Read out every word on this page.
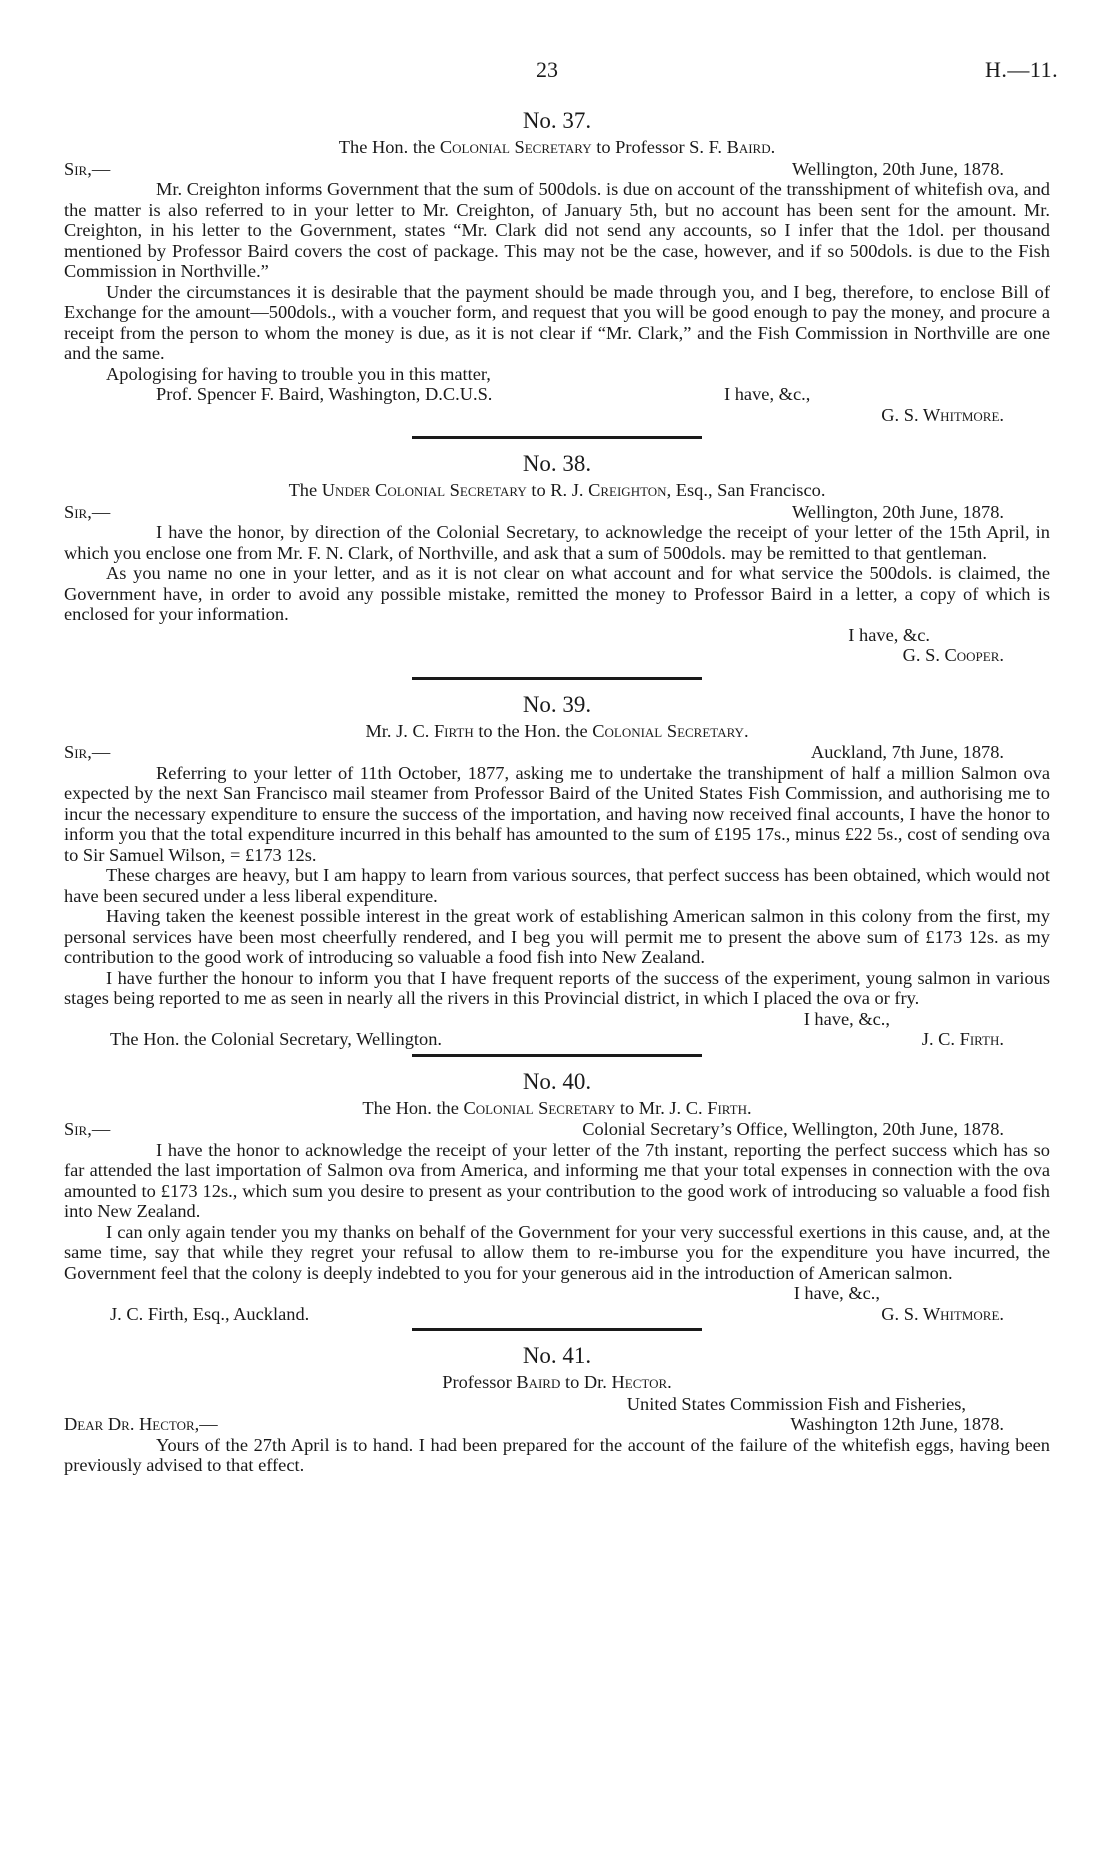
23	H.—11.
No. 37.
The Hon. the Colonial Secretary to Professor S. F. Baird.
Sir,—	Wellington, 20th June, 1878.

Mr. Creighton informs Government that the sum of 500dols. is due on account of the transshipment of whitefish ova, and the matter is also referred to in your letter to Mr. Creighton, of January 5th, but no account has been sent for the amount. Mr. Creighton, in his letter to the Government, states “Mr. Clark did not send any accounts, so I infer that the 1dol. per thousand mentioned by Professor Baird covers the cost of package. This may not be the case, however, and if so 500dols. is due to the Fish Commission in Northville.”

Under the circumstances it is desirable that the payment should be made through you, and I beg, therefore, to enclose Bill of Exchange for the amount—500dols., with a voucher form, and request that you will be good enough to pay the money, and procure a receipt from the person to whom the money is due, as it is not clear if “Mr. Clark,” and the Fish Commission in Northville are one and the same.

Apologising for having to trouble you in this matter,

Prof. Spencer F. Baird, Washington, D.C.U.S.	I have, &c.,
G. S. Whitmore.
No. 38.
The Under Colonial Secretary to R. J. Creighton, Esq., San Francisco.
Sir,—	Wellington, 20th June, 1878.

I have the honor, by direction of the Colonial Secretary, to acknowledge the receipt of your letter of the 15th April, in which you enclose one from Mr. F. N. Clark, of Northville, and ask that a sum of 500dols. may be remitted to that gentleman.

As you name no one in your letter, and as it is not clear on what account and for what service the 500dols. is claimed, the Government have, in order to avoid any possible mistake, remitted the money to Professor Baird in a letter, a copy of which is enclosed for your information.

I have, &c.
G. S. Cooper.
No. 39.
Mr. J. C. Firth to the Hon. the Colonial Secretary.
Sir,—	Auckland, 7th June, 1878.

Referring to your letter of 11th October, 1877, asking me to undertake the transhipment of half a million Salmon ova expected by the next San Francisco mail steamer from Professor Baird of the United States Fish Commission, and authorising me to incur the necessary expenditure to ensure the success of the importation, and having now received final accounts, I have the honor to inform you that the total expenditure incurred in this behalf has amounted to the sum of £195 17s., minus £22 5s., cost of sending ova to Sir Samuel Wilson, = £173 12s.

These charges are heavy, but I am happy to learn from various sources, that perfect success has been obtained, which would not have been secured under a less liberal expenditure.

Having taken the keenest possible interest in the great work of establishing American salmon in this colony from the first, my personal services have been most cheerfully rendered, and I beg you will permit me to present the above sum of £173 12s. as my contribution to the good work of introducing so valuable a food fish into New Zealand.

I have further the honour to inform you that I have frequent reports of the success of the experiment, young salmon in various stages being reported to me as seen in nearly all the rivers in this Provincial district, in which I placed the ova or fry.

I have, &c.,
The Hon. the Colonial Secretary, Wellington.	J. C. Firth.
No. 40.
The Hon. the Colonial Secretary to Mr. J. C. Firth.
Sir,—	Colonial Secretary’s Office, Wellington, 20th June, 1878.

I have the honor to acknowledge the receipt of your letter of the 7th instant, reporting the perfect success which has so far attended the last importation of Salmon ova from America, and informing me that your total expenses in connection with the ova amounted to £173 12s., which sum you desire to present as your contribution to the good work of introducing so valuable a food fish into New Zealand.

I can only again tender you my thanks on behalf of the Government for your very successful exertions in this cause, and, at the same time, say that while they regret your refusal to allow them to re-imburse you for the expenditure you have incurred, the Government feel that the colony is deeply indebted to you for your generous aid in the introduction of American salmon.

I have, &c.,
J. C. Firth, Esq., Auckland.	G. S. Whitmore.
No. 41.
Professor Baird to Dr. Hector.
United States Commission Fish and Fisheries,
Dear Dr. Hector,—	Washington 12th June, 1878.

Yours of the 27th April is to hand. I had been prepared for the account of the failure of the whitefish eggs, having been previously advised to that effect.
